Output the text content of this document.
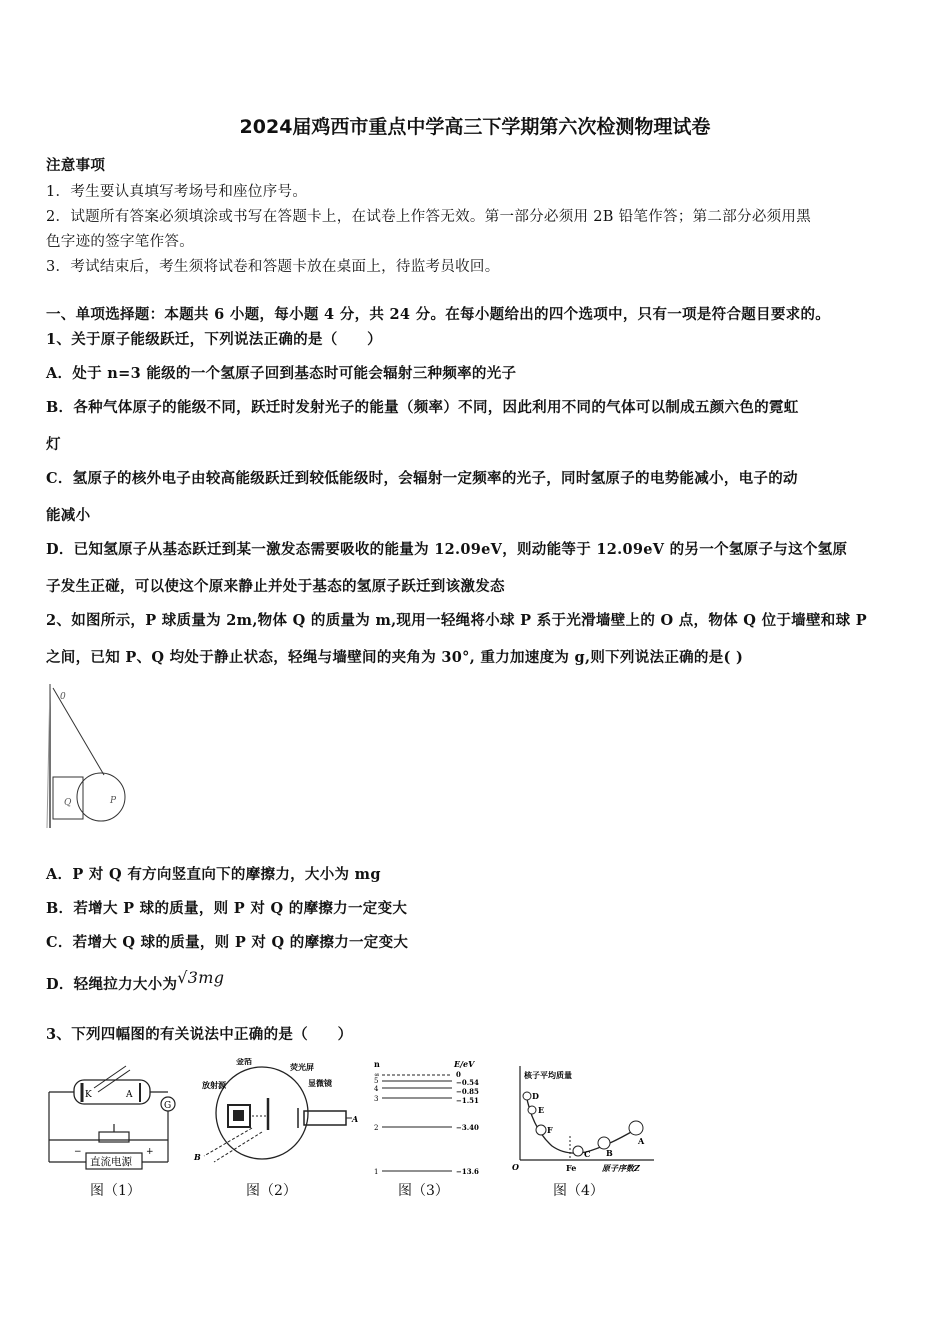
2024届鸡西市重点中学高三下学期第六次检测物理试卷
注意事项
1．考生要认真填写考场号和座位序号。
2．试题所有答案必须填涂或书写在答题卡上，在试卷上作答无效。第一部分必须用 2B 铅笔作答；第二部分必须用黑
色字迹的签字笔作答。
3．考试结束后，考生须将试卷和答题卡放在桌面上，待监考员收回。
一、单项选择题：本题共 6 小题，每小题 4 分，共 24 分。在每小题给出的四个选项中，只有一项是符合题目要求的。
1、关于原子能级跃迁，下列说法正确的是（　　）
A．处于 n=3 能级的一个氢原子回到基态时可能会辐射三种频率的光子
B．各种气体原子的能级不同，跃迁时发射光子的能量（频率）不同，因此利用不同的气体可以制成五颜六色的霓虹
灯
C．氢原子的核外电子由较高能级跃迁到较低能级时，会辐射一定频率的光子，同时氢原子的电势能减小，电子的动
能减小
D．已知氢原子从基态跃迁到某一激发态需要吸收的能量为 12.09eV，则动能等于 12.09eV 的另一个氢原子与这个氢原
子发生正碰，可以使这个原来静止并处于基态的氢原子跃迁到该激发态
2、如图所示，P 球质量为 2m,物体 Q 的质量为 m,现用一轻绳将小球 P 系于光滑墙壁上的 O 点，物体 Q 位于墙壁和球 P
之间，已知 P、Q 均处于静止状态，轻绳与墙壁间的夹角为 30°, 重力加速度为 g,则下列说法正确的是( )
0
Q	P
A．P 对 Q 有方向竖直向下的摩擦力，大小为 mg
B．若增大 P 球的质量，则 P 对 Q 的摩擦力一定变大
C．若增大 Q 球的质量，则 P 对 Q 的摩擦力一定变大
D．轻绳拉力大小为√3mg
3、下列四幅图的有关说法中正确的是（　　）
K	A
G
直流电源
−	+
图（1）
金箔
荧光屏
放射源	显微镜
A
B
图（2）
n	E/eV
∞	0
5	−0.54
4	−0.85
3	−1.51
2	−3.40
1	−13.6
图（3）
核子平均质量
原子序数Z
O	Fe
D
E
F
C B
A
图（4）
